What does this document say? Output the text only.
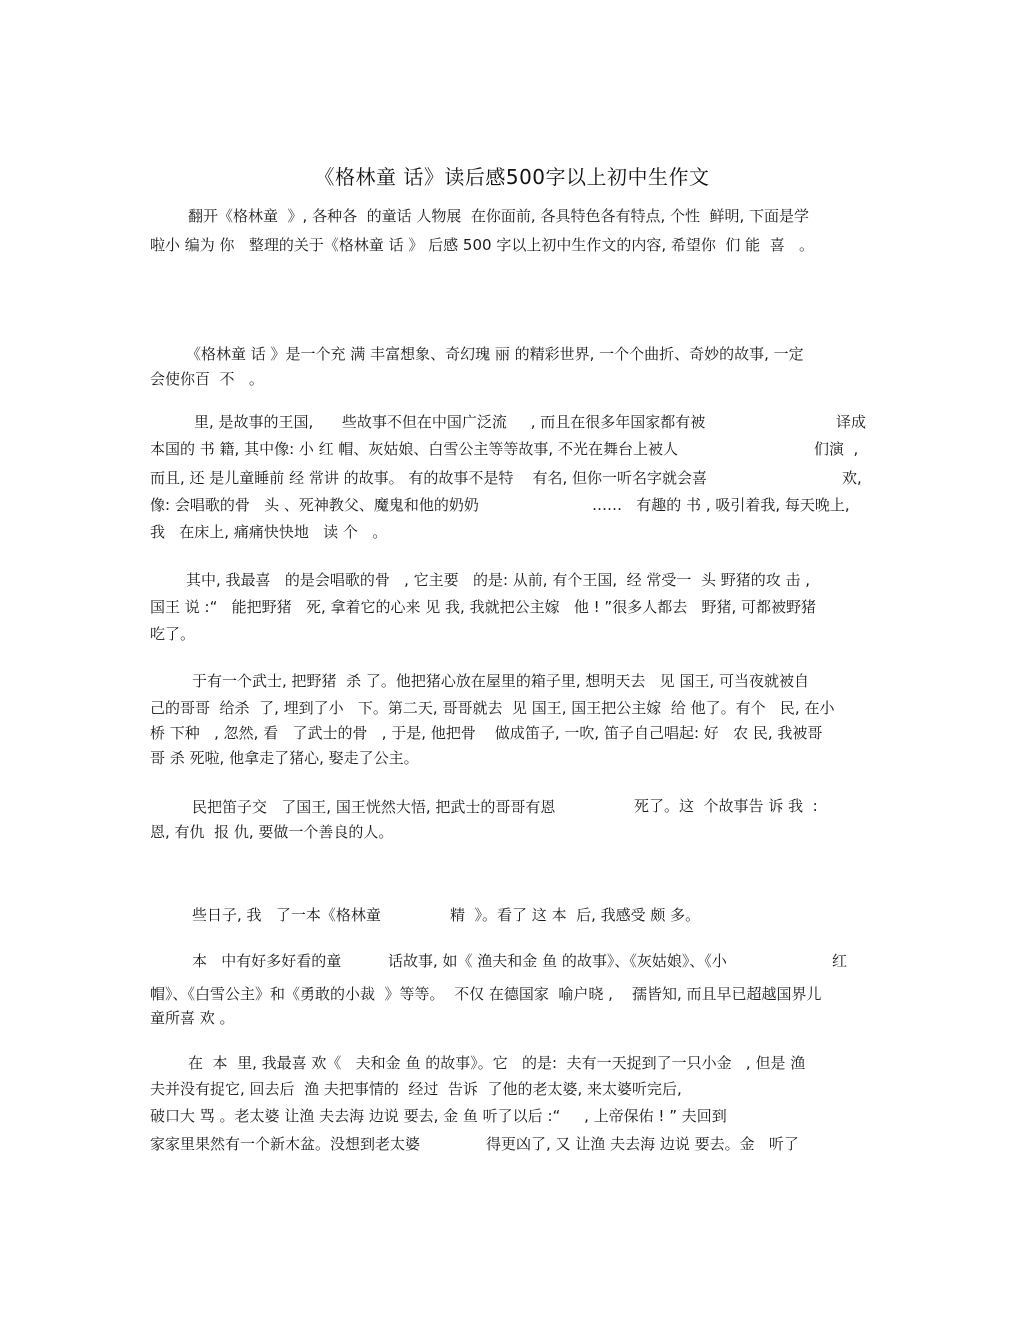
《格林童 话》读后感500字以上初中生作文
翻开《格林童  》, 各种各  的童话 人物展  在你面前, 各具特色各有特点, 个性  鲜明, 下面是学
啦小 编为 你   整理的关于《格林童 话 》 后感 500 字以上初中生作文的内容, 希望你  们 能  喜   。
《格林童 话 》是一个充 满 丰富想象、奇幻瑰 丽 的精彩世界, 一个个曲折、奇妙的故事, 一定
会使你百  不   。
里, 是故事的王国,      些故事不但在中国广泛流     , 而且在很多年国家都有被	译成
本国的 书 籍, 其中像: 小 红 帽、灰姑娘、白雪公主等等故事, 不光在舞台上被人	们演  ,
而且, 还 是儿童睡前 经 常讲 的故事。 有的故事不是特    有名, 但你一听名字就会喜	欢,
像: 会唱歌的骨   头 、死神教父、魔鬼和他的奶奶	……   有趣的 书 , 吸引着我, 每天晚上,
我   在床上, 痛痛快快地   读 个   。
其中, 我最喜   的是会唱歌的骨   , 它主要   的是: 从前, 有个王国,  经 常受一  头 野猪的攻 击 ,
国王 说 :“   能把野猪   死, 拿着它的心来 见 我, 我就把公主嫁   他 ! ”很多人都去   野猪, 可都被野猪
吃了。
于有一个武士, 把野猪  杀 了。他把猪心放在屋里的箱子里, 想明天去   见 国王, 可当夜就被自
己的哥哥  给杀  了, 埋到了小   下。第二天, 哥哥就去  见 国王, 国王把公主嫁  给 他了。有个   民, 在小
桥 下种   , 忽然, 看   了武士的骨   , 于是, 他把骨    做成笛子, 一吹, 笛子自己唱起: 好   农 民, 我被哥
哥 杀 死啦, 他拿走了猪心, 娶走了公主。
民把笛子交   了国王, 国王恍然大悟, 把武士的哥哥有恩	死了。这  个故事告 诉 我  :
恩, 有仇  报 仇, 要做一个善良的人。
些日子, 我   了一本《格林童	精  》。看了 这 本  后, 我感受 颇 多。
本   中有好多好看的童	话故事, 如《 渔夫和金 鱼 的故事》、《灰姑娘》、《小	红
帽》、《白雪公主》和《勇敢的小裁  》等等。  不仅 在德国家  喻户晓 ,    孺皆知, 而且早已超越国界儿
童所喜 欢 。
在  本  里, 我最喜 欢《   夫和金 鱼 的故事》。它   的是:  夫有一天捉到了一只小金   , 但是 渔
夫并没有捉它, 回去后  渔 夫把事情的  经过  告诉  了他的老太婆, 来太婆听完后,
破口大 骂 。老太婆 让渔 夫去海 边说 要去, 金 鱼 听了以后 :“     , 上帝保佑 ! ” 夫回到
家家里果然有一个新木盆。没想到老太婆	得更凶了, 又 让渔 夫去海 边说 要去。金   听了
